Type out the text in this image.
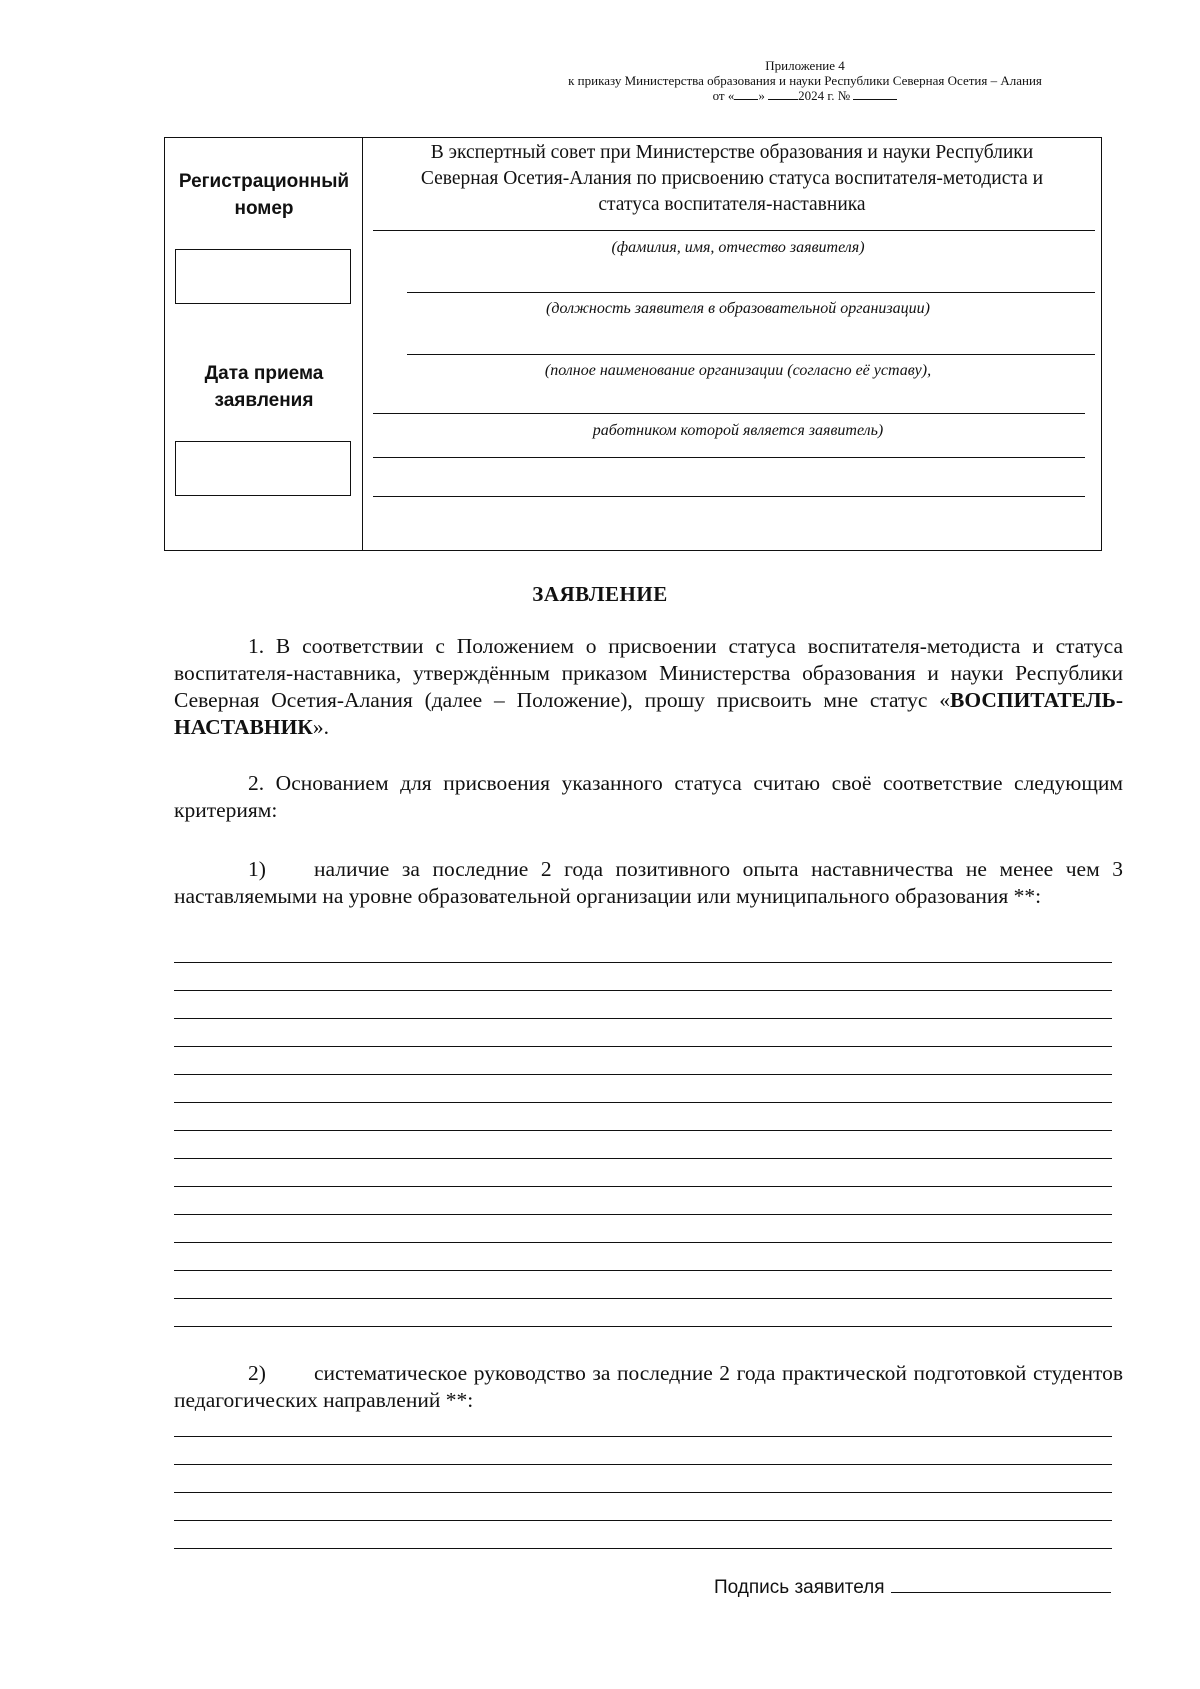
Приложение 4
к приказу Министерства образования и науки Республики Северная Осетия – Алания
от « »	2024 г. №
Регистрационный
номер
Дата приема
заявления
В экспертный совет при Министерстве образования и науки Республики
Северная Осетия-Алания по присвоению статуса воспитателя-методиста и
статуса воспитателя-наставника
(фамилия, имя, отчество заявителя)
(должность заявителя в образовательной организации)
(полное наименование организации (согласно её уставу),
работником которой является заявитель)
ЗАЯВЛЕНИЕ
1. В соответствии с Положением о присвоении статуса воспитателя-методиста и статуса воспитателя-наставника, утверждённым приказом Министерства образования и науки Республики Северная Осетия-Алания (далее – Положение), прошу присвоить мне статус «ВОСПИТАТЕЛЬ-НАСТАВНИК».
2. Основанием для присвоения указанного статуса считаю своё соответствие следующим критериям:
1) наличие за последние 2 года позитивного опыта наставничества не менее чем 3 наставляемыми на уровне образовательной организации или муниципального образования **:
2) систематическое руководство за последние 2 года практической подготовкой студентов педагогических направлений **:
Подпись заявителя
